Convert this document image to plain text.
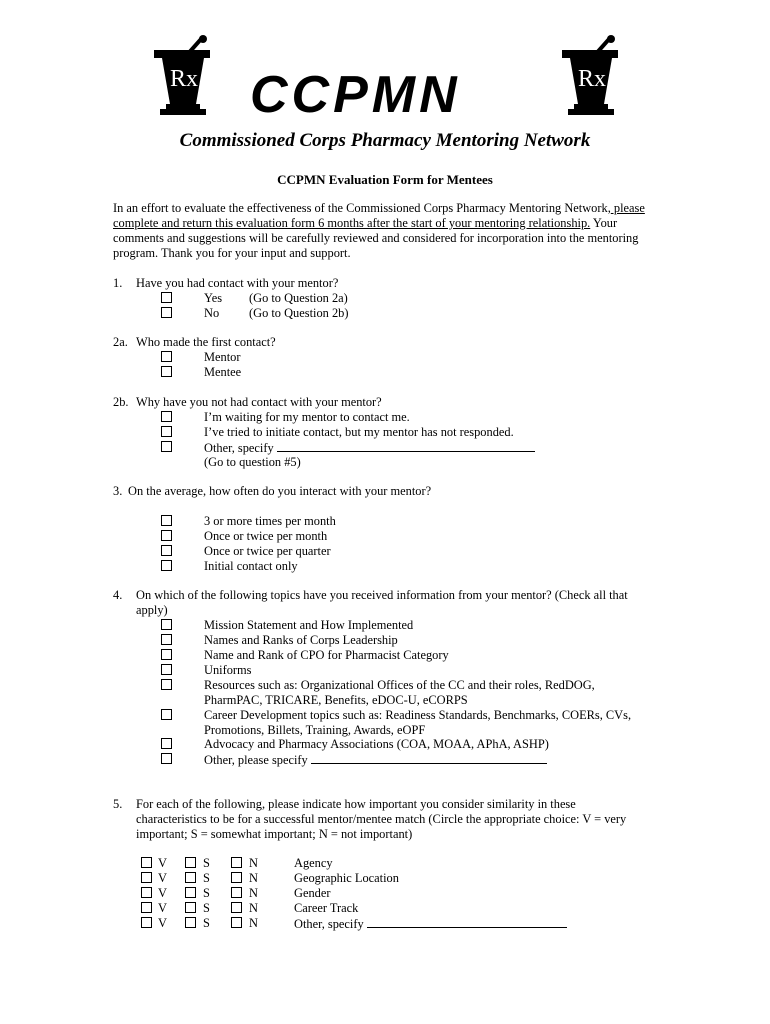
Rx CCPMN	Rx
Commissioned Corps Pharmacy Mentoring Network
CCPMN Evaluation Form for Mentees
In an effort to evaluate the effectiveness of the Commissioned Corps Pharmacy Mentoring Network, please
complete and return this evaluation form 6 months after the start of your mentoring relationship. Your
comments and suggestions will be carefully reviewed and considered for incorporation into the mentoring
program. Thank you for your input and support.
1. Have you had contact with your mentor?
Yes (Go to Question 2a)
No (Go to Question 2b)
2a. Who made the first contact?
Mentor
Mentee
2b. Why have you not had contact with your mentor?
I’m waiting for my mentor to contact me.
I’ve tried to initiate contact, but my mentor has not responded.
Other, specify
(Go to question #5)
3. On the average, how often do you interact with your mentor?
3 or more times per month
Once or twice per month
Once or twice per quarter
Initial contact only
4. On which of the following topics have you received information from your mentor? (Check all that
apply)
Mission Statement and How Implemented
Names and Ranks of Corps Leadership
Name and Rank of CPO for Pharmacist Category
Uniforms
Resources such as: Organizational Offices of the CC and their roles, RedDOG,
PharmPAC, TRICARE, Benefits, eDOC-U, eCORPS
Career Development topics such as: Readiness Standards, Benchmarks, COERs, CVs,
Promotions, Billets, Training, Awards, eOPF
Advocacy and Pharmacy Associations (COA, MOAA, APhA, ASHP)
Other, please specify
5. For each of the following, please indicate how important you consider similarity in these
characteristics to be for a successful mentor/mentee match (Circle the appropriate choice: V = very
important; S = somewhat important; N = not important)
V	S	N	Agency
V	S	N	Geographic Location
V	S	N	Gender
V	S	N	Career Track
V	S	N	Other, specify
